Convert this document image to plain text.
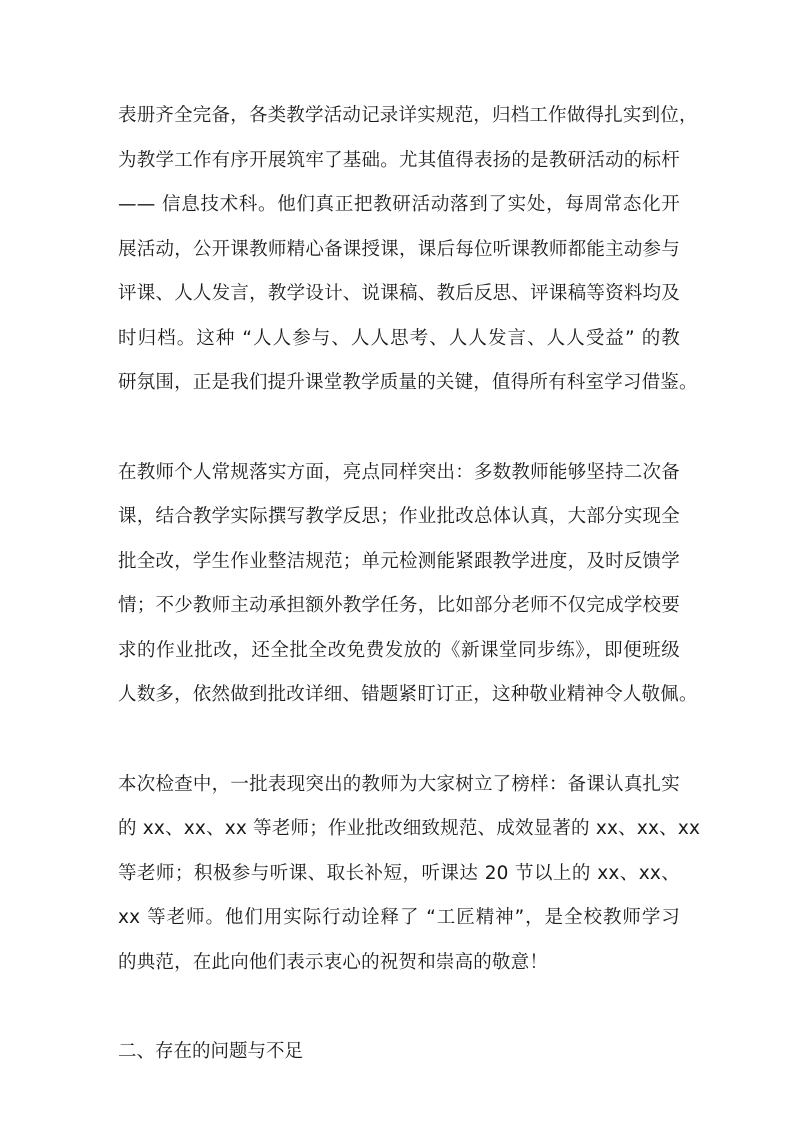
表册齐全完备，各类教学活动记录详实规范，归档工作做得扎实到位，
为教学工作有序开展筑牢了基础。尤其值得表扬的是教研活动的标杆
—— 信息技术科。他们真正把教研活动落到了实处，每周常态化开
展活动，公开课教师精心备课授课，课后每位听课教师都能主动参与
评课、人人发言，教学设计、说课稿、教后反思、评课稿等资料均及
时归档。这种 “人人参与、人人思考、人人发言、人人受益” 的教
研氛围，正是我们提升课堂教学质量的关键，值得所有科室学习借鉴。

在教师个人常规落实方面，亮点同样突出：多数教师能够坚持二次备
课，结合教学实际撰写教学反思；作业批改总体认真，大部分实现全
批全改，学生作业整洁规范；单元检测能紧跟教学进度，及时反馈学
情；不少教师主动承担额外教学任务，比如部分老师不仅完成学校要
求的作业批改，还全批全改免费发放的《新课堂同步练》，即便班级
人数多，依然做到批改详细、错题紧盯订正，这种敬业精神令人敬佩。

本次检查中，一批表现突出的教师为大家树立了榜样：备课认真扎实
的 xx、xx、xx 等老师；作业批改细致规范、成效显著的 xx、xx、xx
等老师；积极参与听课、取长补短，听课达 20 节以上的 xx、xx、
xx 等老师。他们用实际行动诠释了 “工匠精神”，是全校教师学习
的典范，在此向他们表示衷心的祝贺和崇高的敬意！

二、存在的问题与不足
